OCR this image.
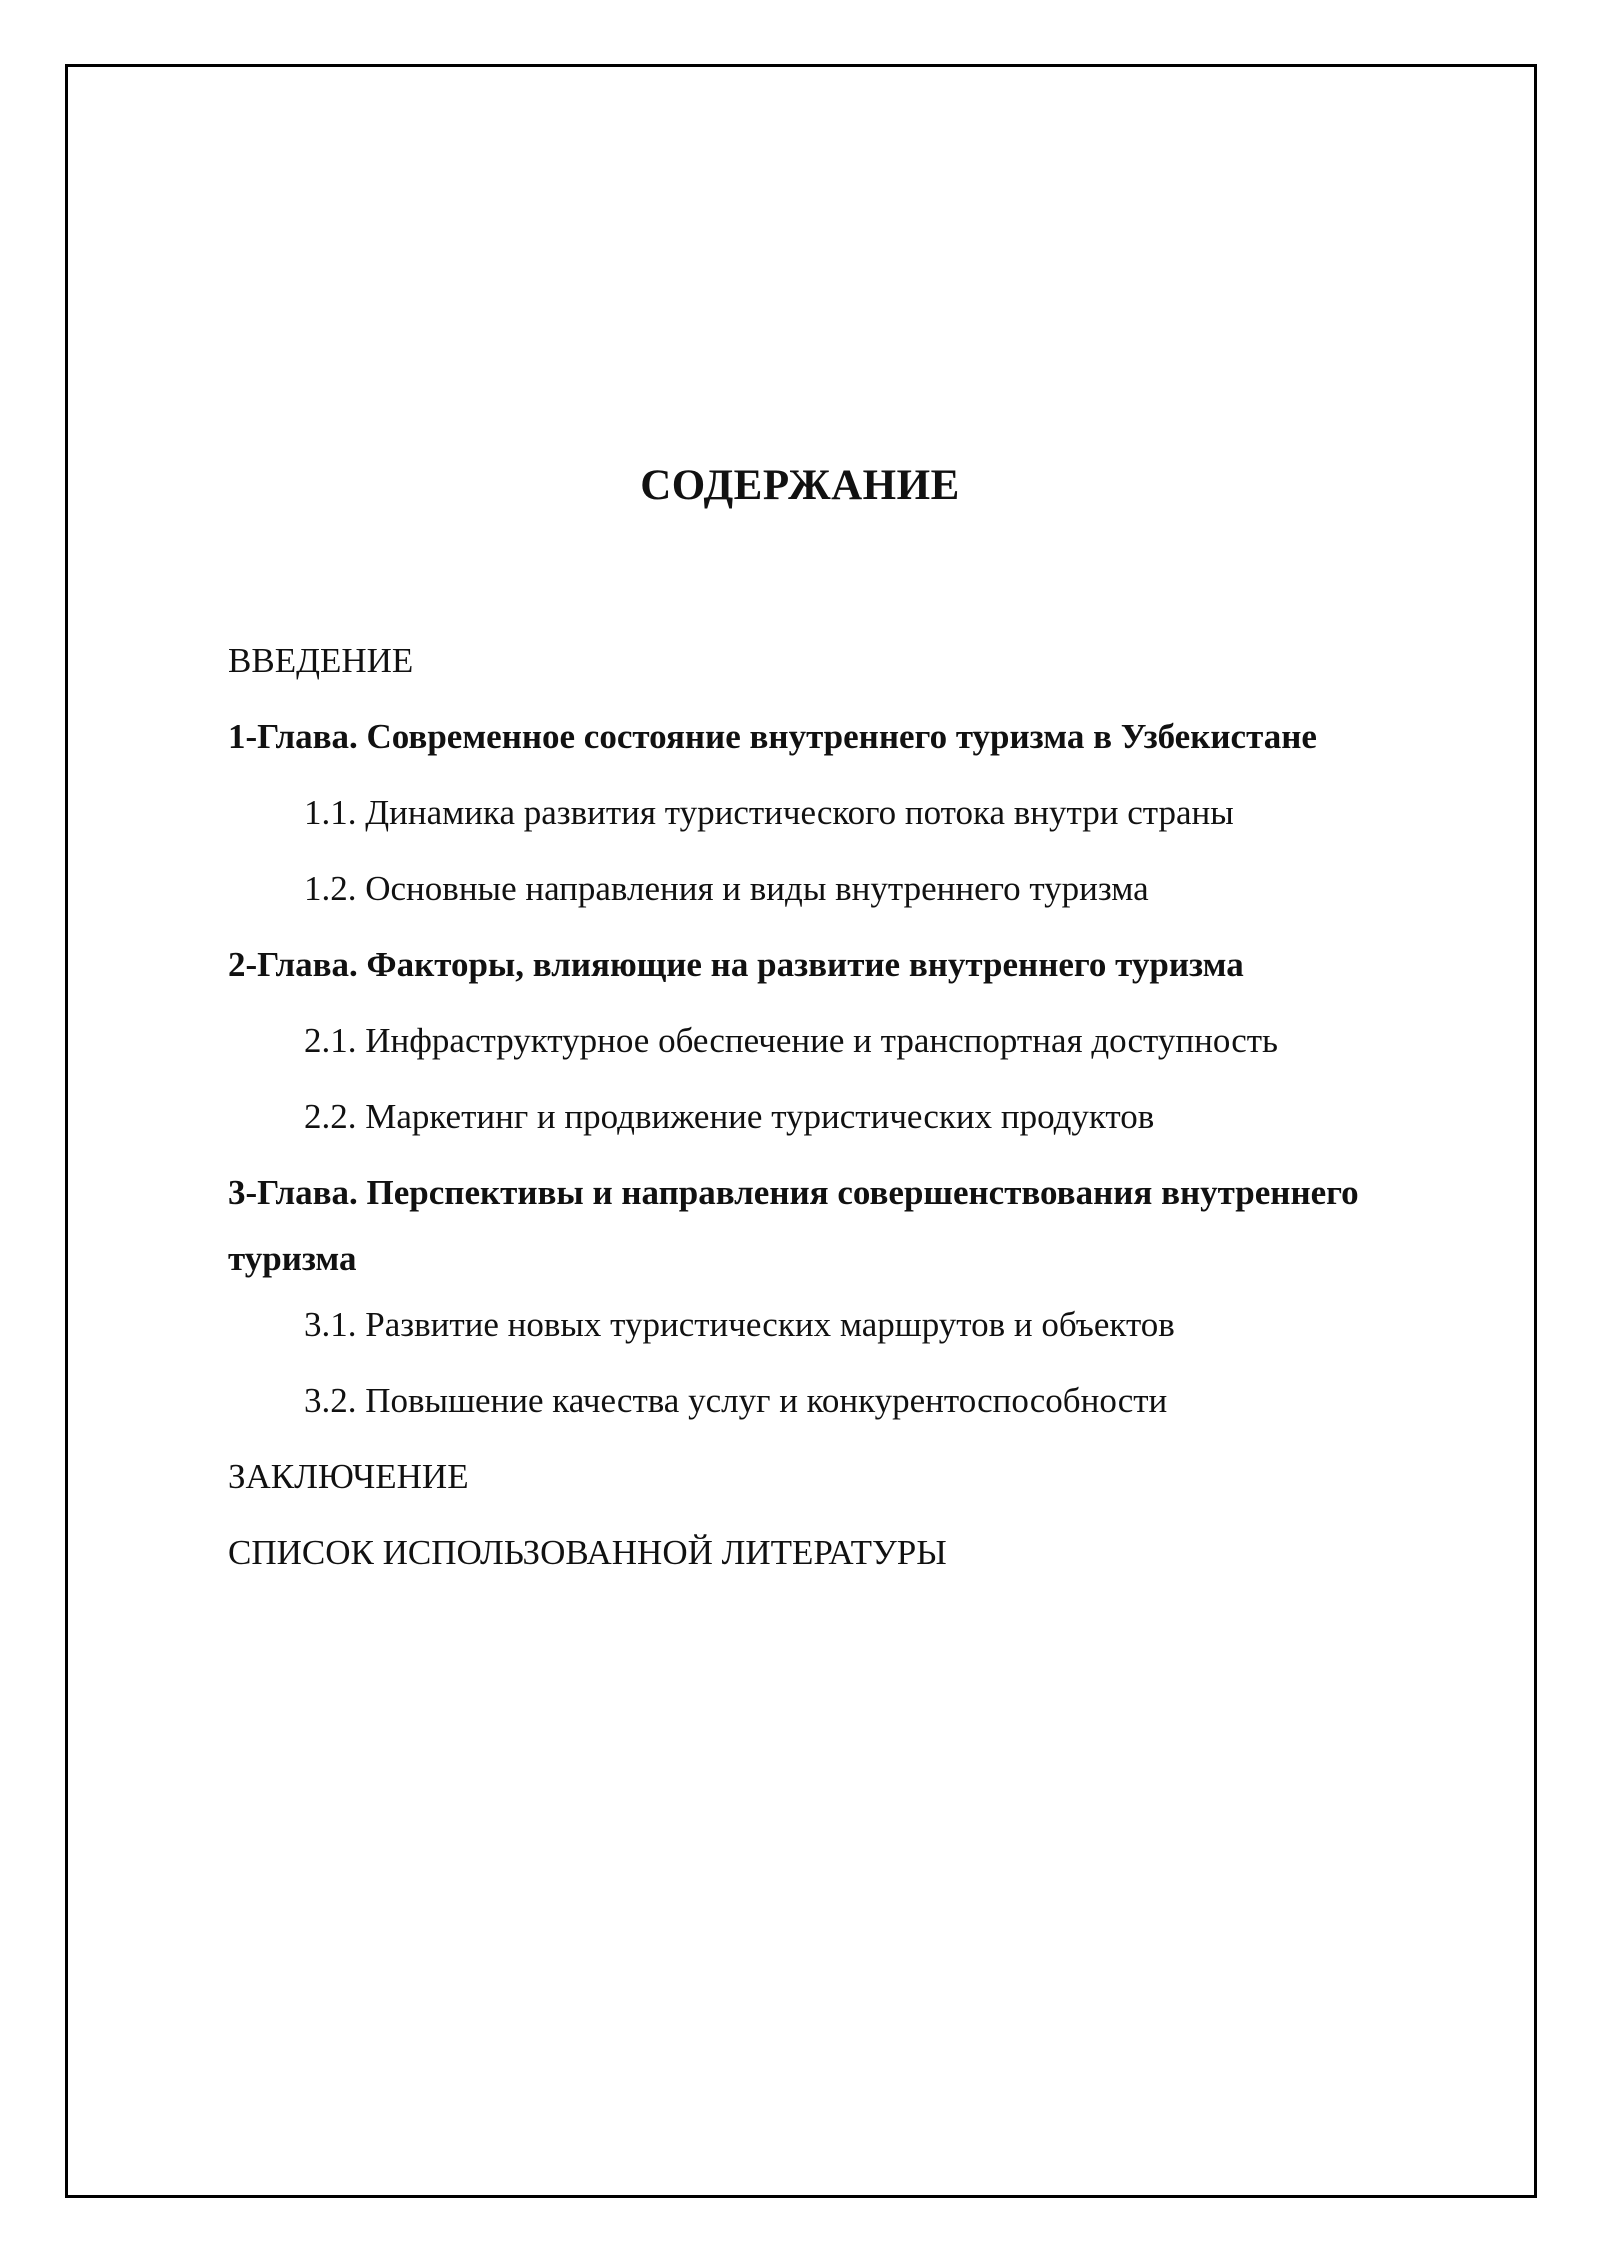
СОДЕРЖАНИЕ
ВВЕДЕНИЕ
1-Глава. Современное состояние внутреннего туризма в Узбекистане
1.1. Динамика развития туристического потока внутри страны
1.2. Основные направления и виды внутреннего туризма
2-Глава. Факторы, влияющие на развитие внутреннего туризма
2.1. Инфраструктурное обеспечение и транспортная доступность
2.2. Маркетинг и продвижение туристических продуктов
3-Глава. Перспективы и направления совершенствования внутреннего туризма
3.1. Развитие новых туристических маршрутов и объектов
3.2. Повышение качества услуг и конкурентоспособности
ЗАКЛЮЧЕНИЕ
СПИСОК ИСПОЛЬЗОВАННОЙ ЛИТЕРАТУРЫ
